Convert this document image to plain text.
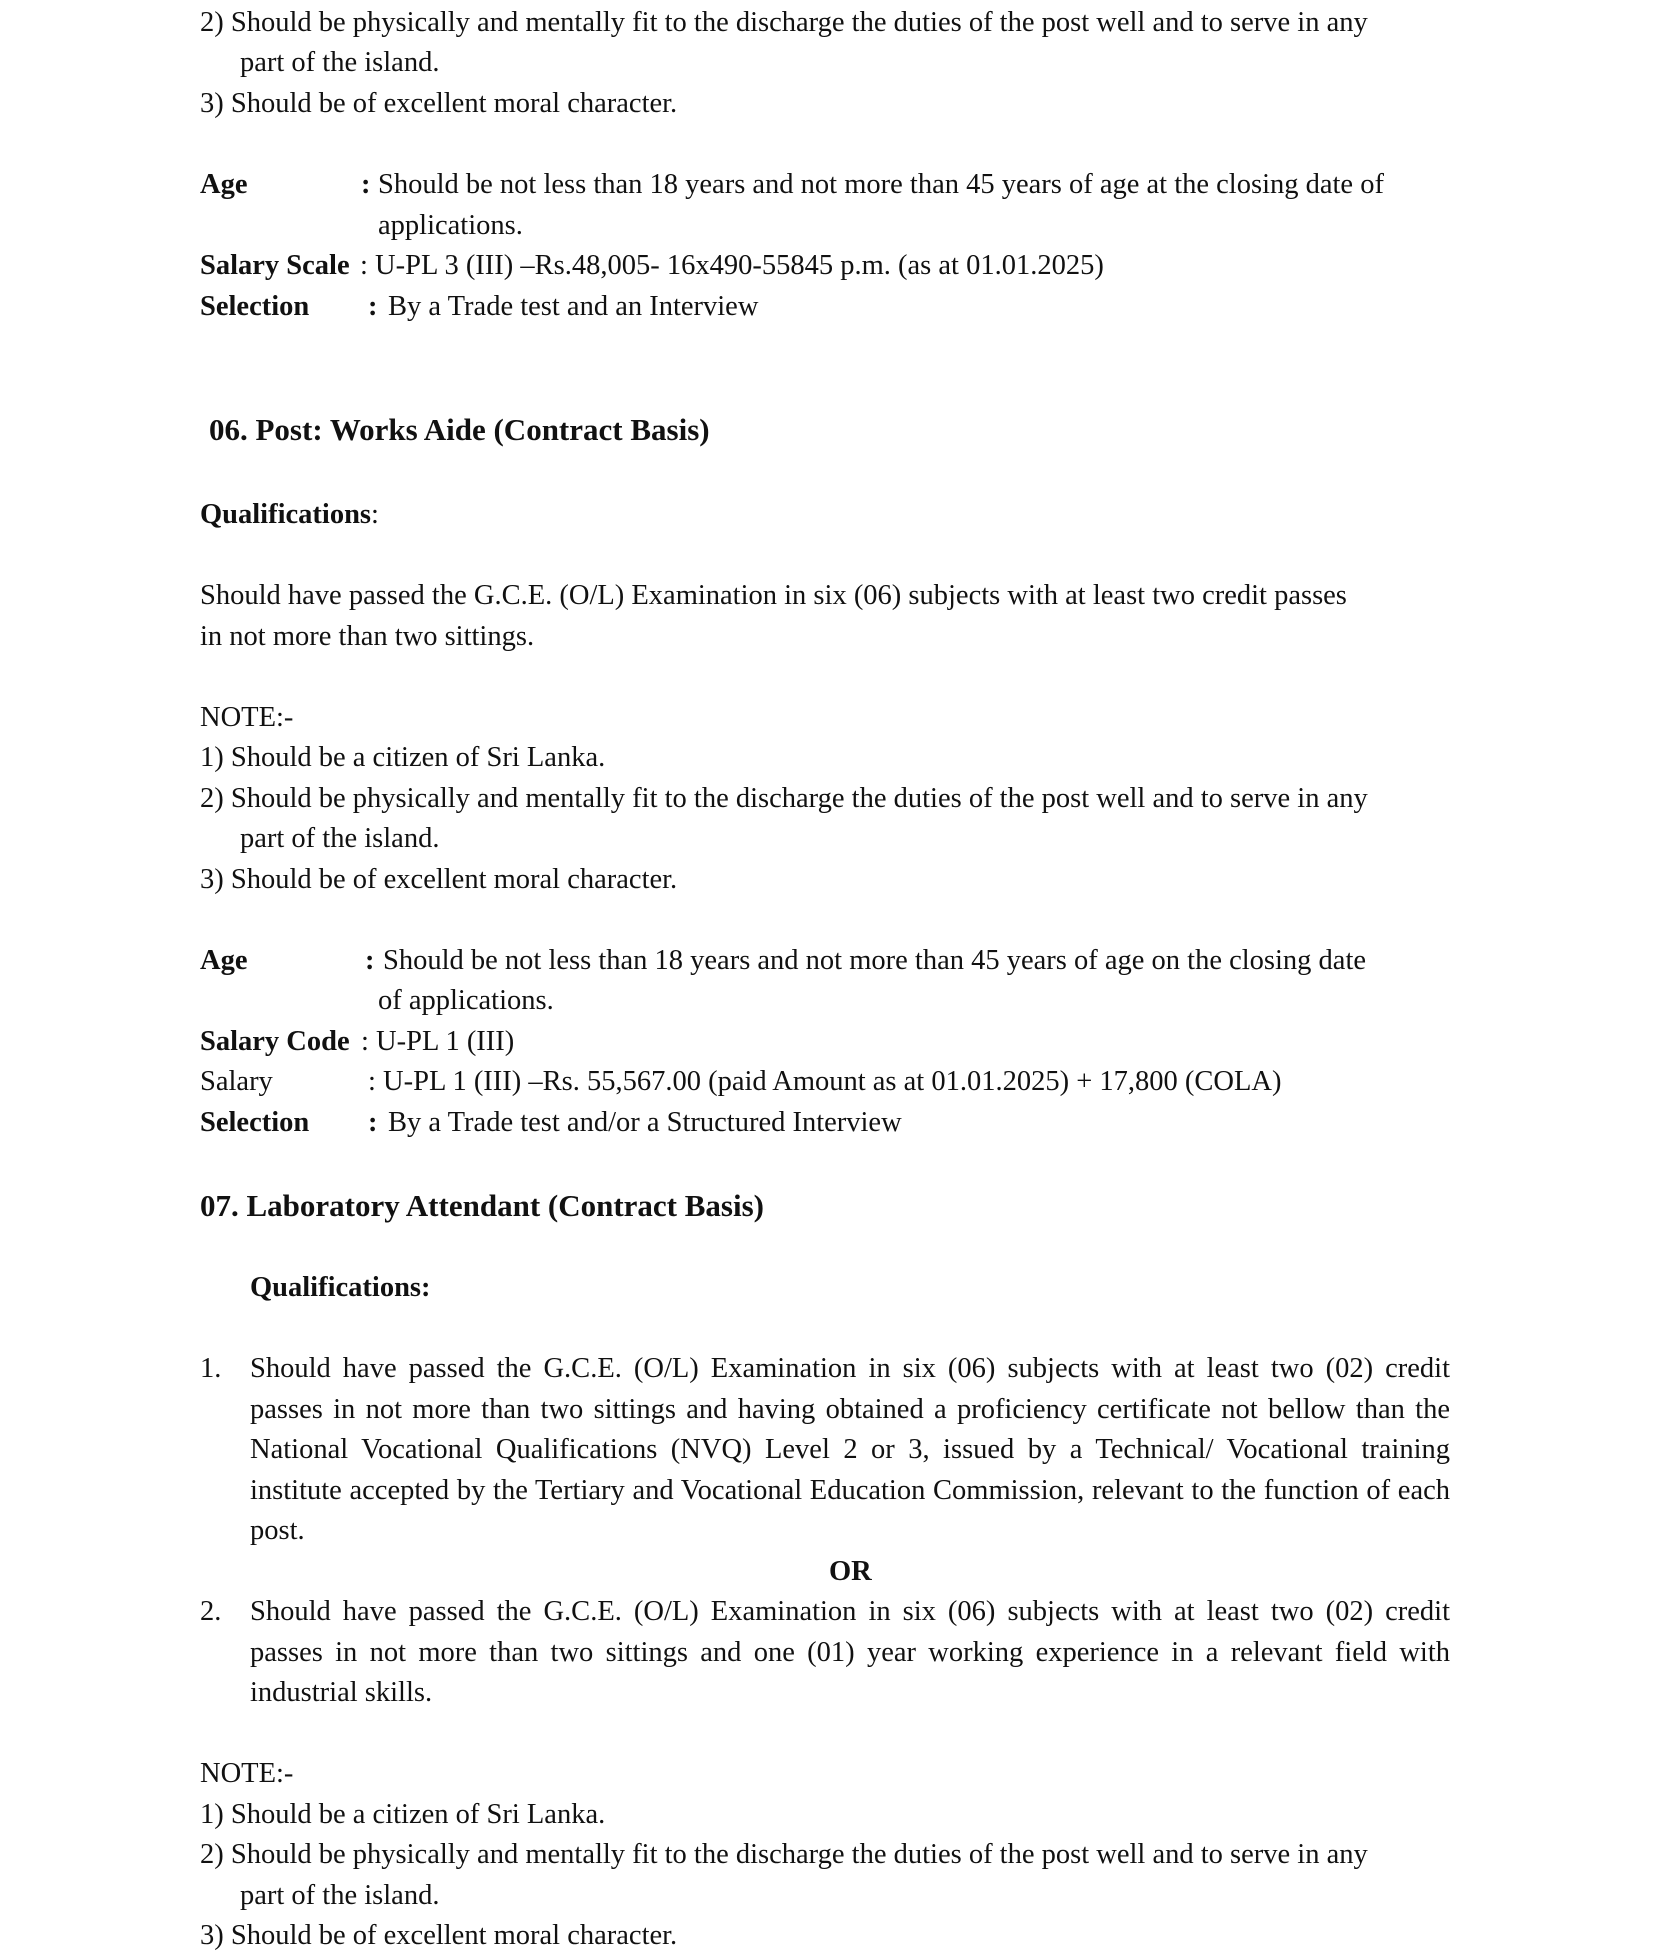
2) Should be physically and mentally fit to the discharge the duties of the post well and to serve in any
part of the island.
3) Should be of excellent moral character.
Age	: Should be not less than 18 years and not more than 45 years of age at the closing date of
applications.
Salary Scale : U-PL 3 (III) –Rs.48,005- 16x490-55845 p.m. (as at 01.01.2025)
Selection : By a Trade test and an Interview
06. Post: Works Aide (Contract Basis)
Qualifications:
Should have passed the G.C.E. (O/L) Examination in six (06) subjects with at least two credit passes
in not more than two sittings.
NOTE:-
1) Should be a citizen of Sri Lanka.
2) Should be physically and mentally fit to the discharge the duties of the post well and to serve in any
part of the island.
3) Should be of excellent moral character.
Age	: Should be not less than 18 years and not more than 45 years of age on the closing date
of applications.
Salary Code : U-PL 1 (III)
Salary	: U-PL 1 (III) –Rs. 55,567.00 (paid Amount as at 01.01.2025) + 17,800 (COLA)
Selection : By a Trade test and/or a Structured Interview
07. Laboratory Attendant (Contract Basis)
Qualifications:
1. Should have passed the G.C.E. (O/L) Examination in six (06) subjects with at least two (02) credit passes in not more than two sittings and having obtained a proficiency certificate not bellow than the National Vocational Qualifications (NVQ) Level 2 or 3, issued by a Technical/ Vocational training institute accepted by the Tertiary and Vocational Education Commission, relevant to the function of each post.

OR
2. Should have passed the G.C.E. (O/L) Examination in six (06) subjects with at least two (02) credit passes in not more than two sittings and one (01) year working experience in a relevant field with industrial skills.

NOTE:-
1) Should be a citizen of Sri Lanka.
2) Should be physically and mentally fit to the discharge the duties of the post well and to serve in any
part of the island.
3) Should be of excellent moral character.
